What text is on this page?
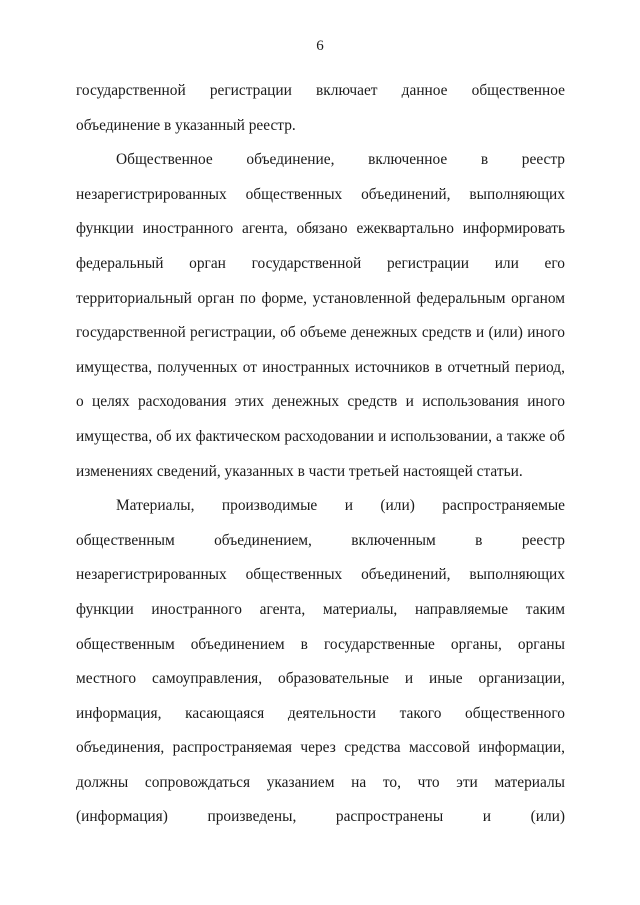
6

государственной регистрации включает данное общественное объединение в указанный реестр.

Общественное объединение, включенное в реестр незарегистрированных общественных объединений, выполняющих функции иностранного агента, обязано ежеквартально информировать федеральный орган государственной регистрации или его территориальный орган по форме, установленной федеральным органом государственной регистрации, об объеме денежных средств и (или) иного имущества, полученных от иностранных источников в отчетный период, о целях расходования этих денежных средств и использования иного имущества, об их фактическом расходовании и использовании, а также об изменениях сведений, указанных в части третьей настоящей статьи.

Материалы, производимые и (или) распространяемые общественным объединением, включенным в реестр незарегистрированных общественных объединений, выполняющих функции иностранного агента, материалы, направляемые таким общественным объединением в государственные органы, органы местного самоуправления, образовательные и иные организации, информация, касающаяся деятельности такого общественного объединения, распространяемая через средства массовой информации, должны сопровождаться указанием на то, что эти материалы (информация) произведены, распространены и (или)
